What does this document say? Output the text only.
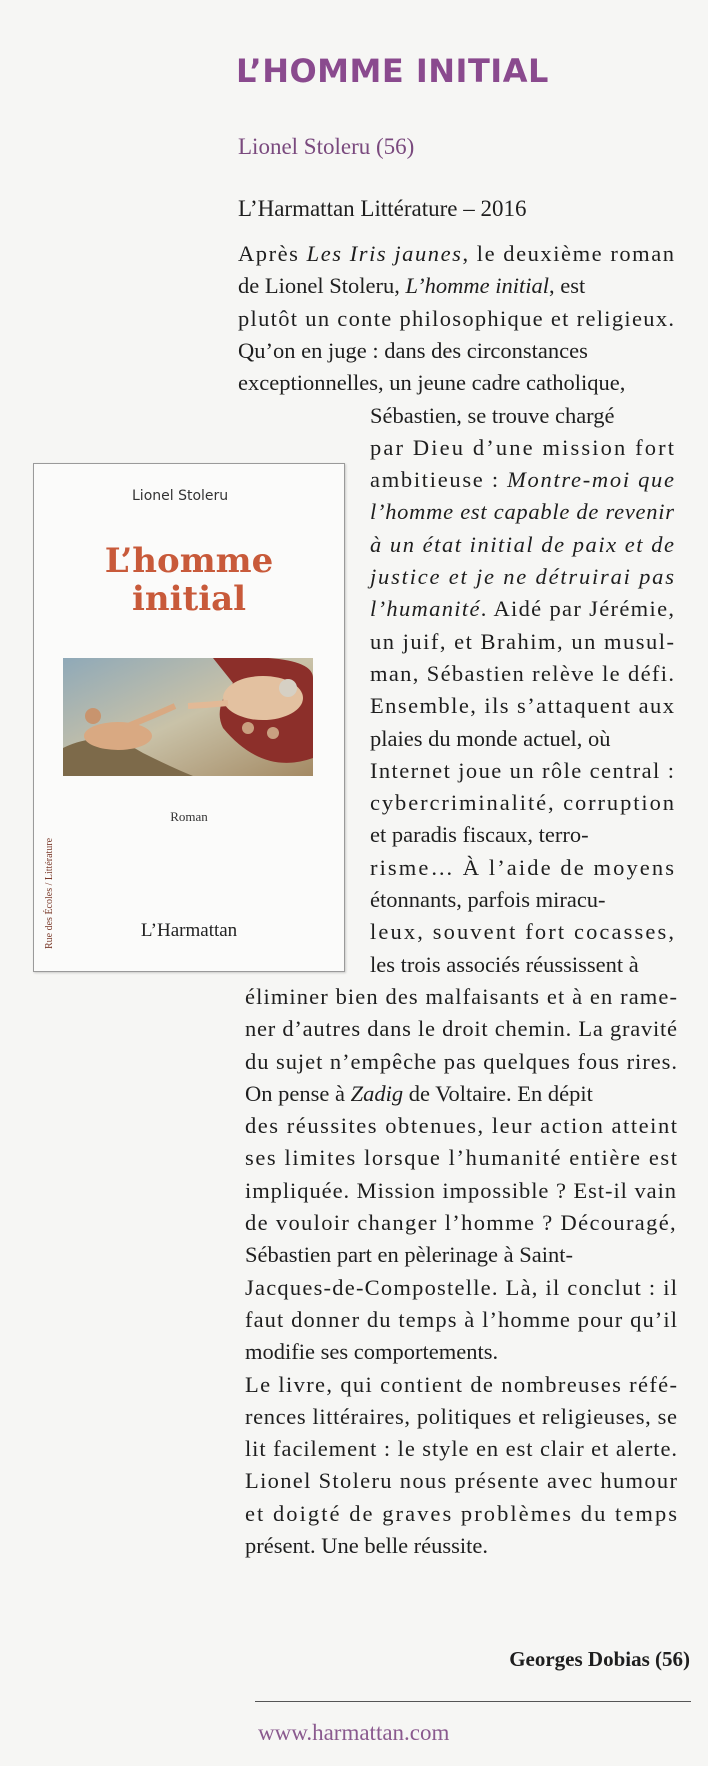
L’HOMME INITIAL
Lionel Stoleru (56)
L’Harmattan Littérature – 2016
Lionel Stoleru
L’homme
initial
Roman
Rue des Écoles / Littérature	L’Harmattan
Après Les Iris jaunes, le deuxième roman
de Lionel Stoleru, L’homme initial, est
plutôt un conte philosophique et religieux.
Qu’on en juge : dans des circonstances
exceptionnelles, un jeune cadre catholique,
Sébastien, se trouve chargé
par Dieu d’une mission fort
ambitieuse : Montre-moi que
l’homme est capable de revenir
à un état initial de paix et de
justice et je ne détruirai pas
l’humanité. Aidé par Jérémie,
un juif, et Brahim, un musul-
man, Sébastien relève le défi.
Ensemble, ils s’attaquent aux
plaies du monde actuel, où
Internet joue un rôle central :
cybercriminalité, corruption
et paradis fiscaux, terro-
risme… À l’aide de moyens
étonnants, parfois miracu-
leux, souvent fort cocasses,
les trois associés réussissent à
éliminer bien des malfaisants et à en rame-
ner d’autres dans le droit chemin. La gravité
du sujet n’empêche pas quelques fous rires.
On pense à Zadig de Voltaire. En dépit
des réussites obtenues, leur action atteint
ses limites lorsque l’humanité entière est
impliquée. Mission impossible ? Est-il vain
de vouloir changer l’homme ? Découragé,
Sébastien part en pèlerinage à Saint-
Jacques-de-Compostelle. Là, il conclut : il
faut donner du temps à l’homme pour qu’il
modifie ses comportements.
Le livre, qui contient de nombreuses réfé-
rences littéraires, politiques et religieuses, se
lit facilement : le style en est clair et alerte.
Lionel Stoleru nous présente avec humour
et doigté de graves problèmes du temps
présent. Une belle réussite.
Georges Dobias (56)
www.harmattan.com
